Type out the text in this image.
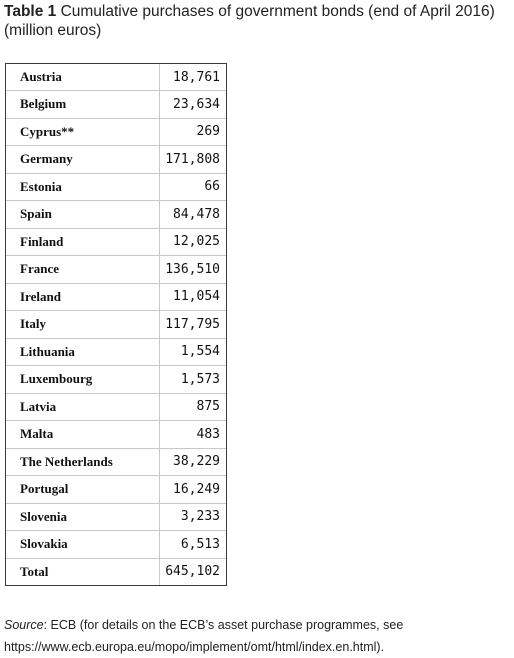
Table 1 Cumulative purchases of government bonds (end of April 2016) (million euros)
Austria	18,761
Belgium	23,634
Cyprus**	269
Germany	171,808
Estonia	66
Spain	84,478
Finland	12,025
France	136,510
Ireland	11,054
Italy	117,795
Lithuania	1,554
Luxembourg	1,573
Latvia	875
Malta	483
The Netherlands	38,229
Portugal	16,249
Slovenia	3,233
Slovakia	6,513
Total	645,102
Source: ECB (for details on the ECB’s asset purchase programmes, see https://www.ecb.europa.eu/mopo/implement/omt/html/index.en.html).
